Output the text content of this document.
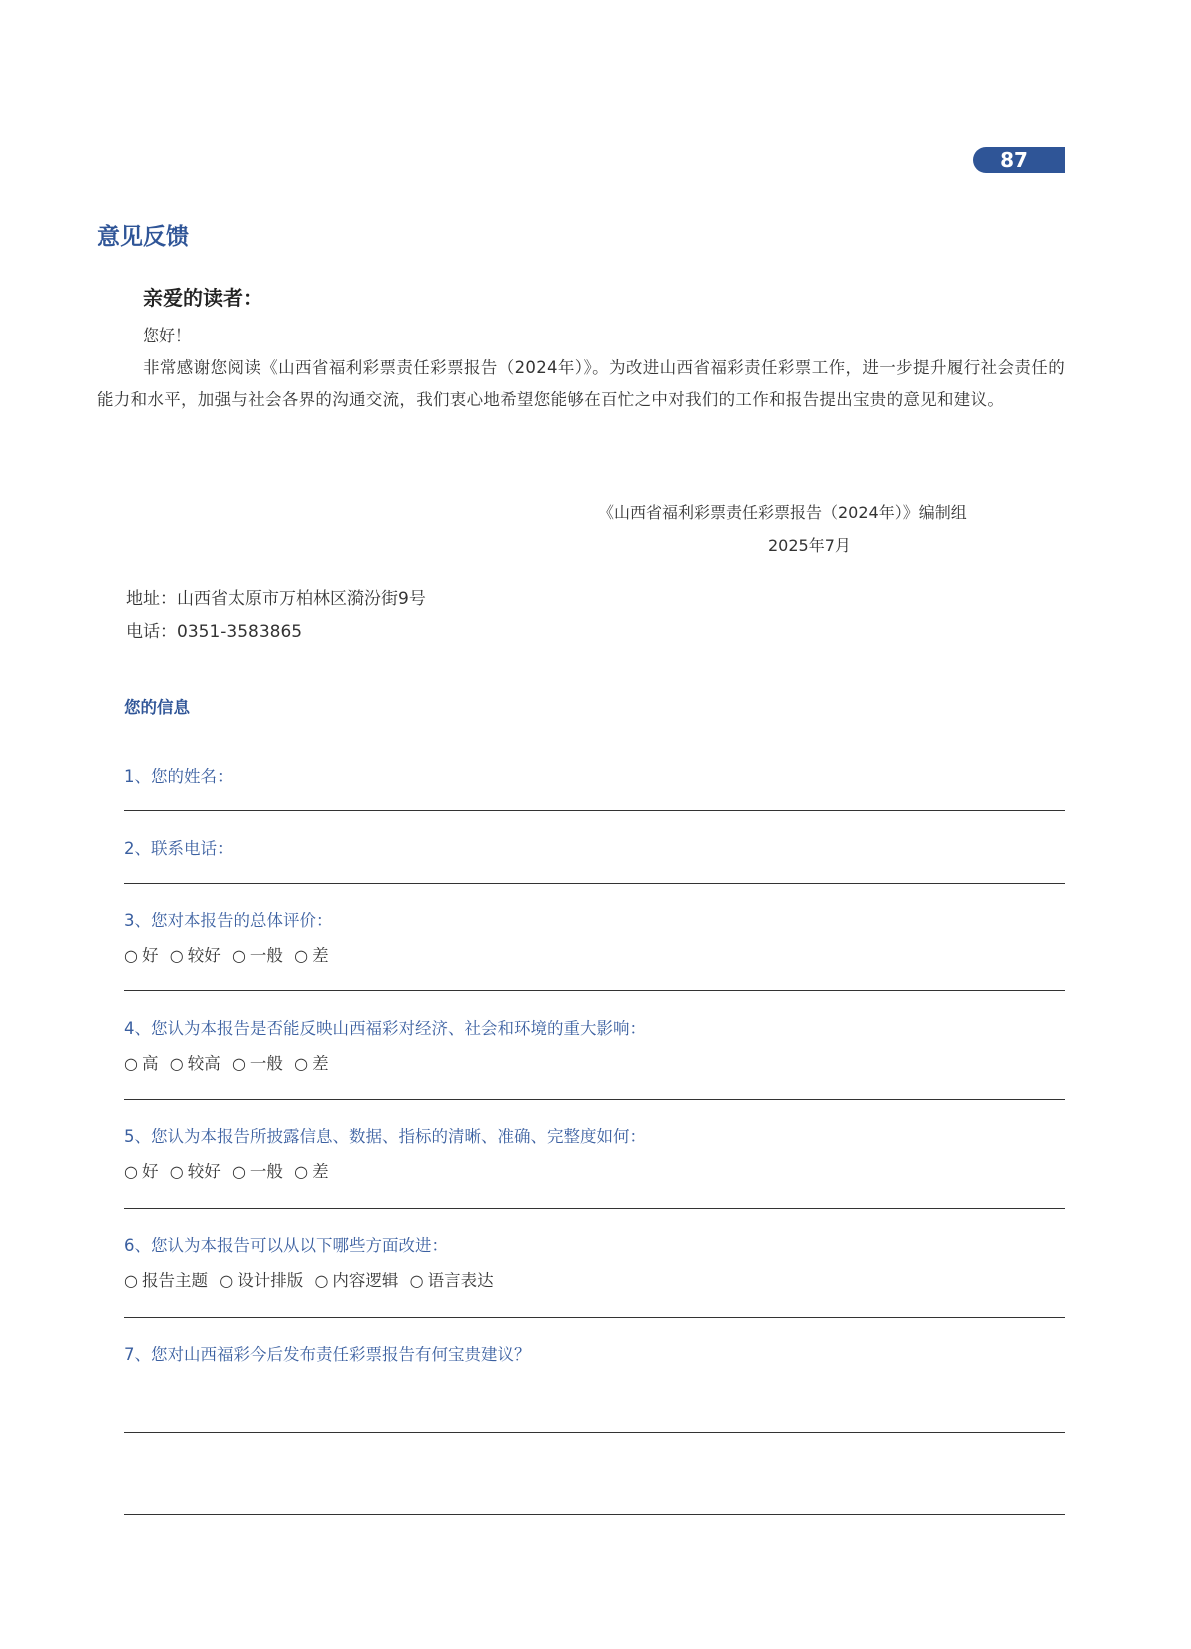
87
意见反馈
亲爱的读者：
您好！

非常感谢您阅读《山西省福利彩票责任彩票报告（2024年）》。为改进山西省福彩责任彩票工作，进一步提升履行社会责任的能力和水平，加强与社会各界的沟通交流，我们衷心地希望您能够在百忙之中对我们的工作和报告提出宝贵的意见和建议。

《山西省福利彩票责任彩票报告（2024年）》编制组
2025年7月
地址：山西省太原市万柏林区漪汾街9号
电话：0351-3583865
您的信息
1、您的姓名：
2、联系电话：
3、您对本报告的总体评价：
○ 好 ○ 较好 ○ 一般 ○ 差
4、您认为本报告是否能反映山西福彩对经济、社会和环境的重大影响：
○ 高 ○ 较高 ○ 一般 ○ 差
5、您认为本报告所披露信息、数据、指标的清晰、准确、完整度如何：
○ 好 ○ 较好 ○ 一般 ○ 差
6、您认为本报告可以从以下哪些方面改进：
○ 报告主题 ○ 设计排版 ○ 内容逻辑 ○ 语言表达
7、您对山西福彩今后发布责任彩票报告有何宝贵建议？
